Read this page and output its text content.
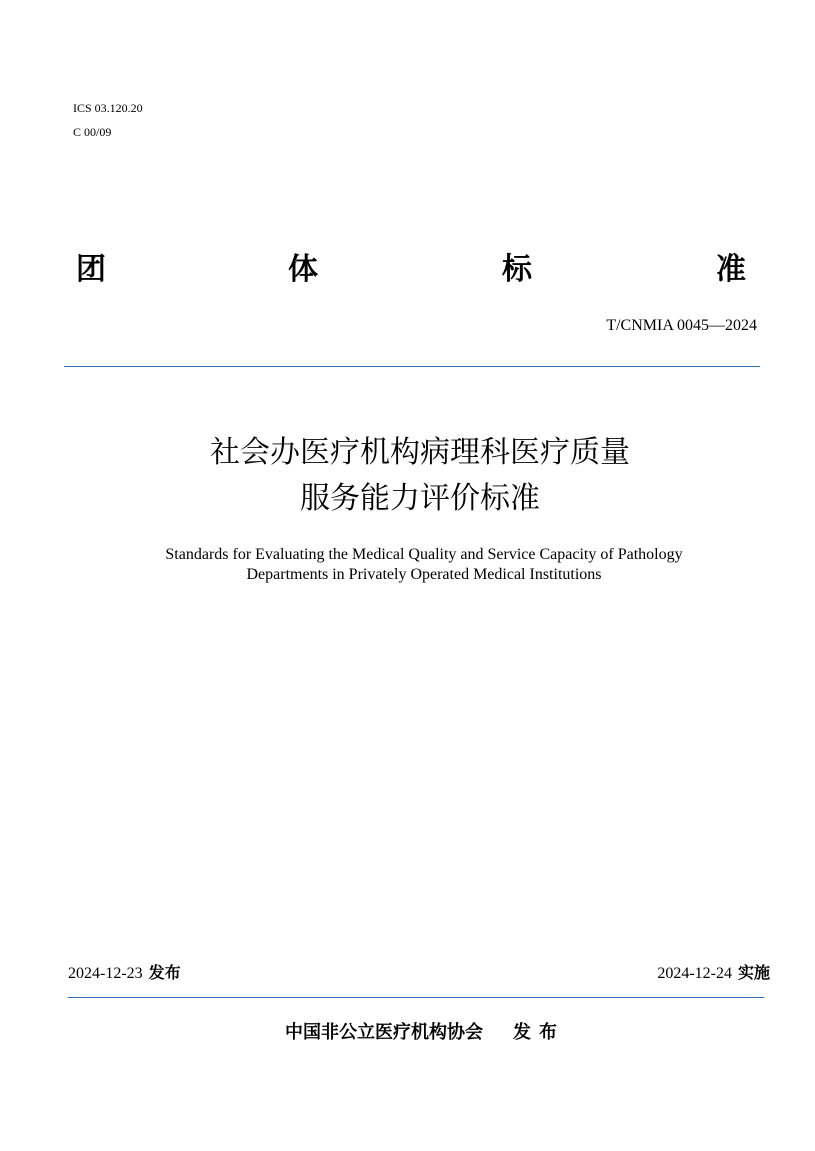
ICS 03.120.20
C 00/09
团	体	标	准
T/CNMIA 0045—2024
社会办医疗机构病理科医疗质量
服务能力评价标准
Standards for Evaluating the Medical Quality and Service Capacity of Pathology
Departments in Privately Operated Medical Institutions
2024-12-23 发布	2024-12-24 实施
中国非公立医疗机构协会 发布
